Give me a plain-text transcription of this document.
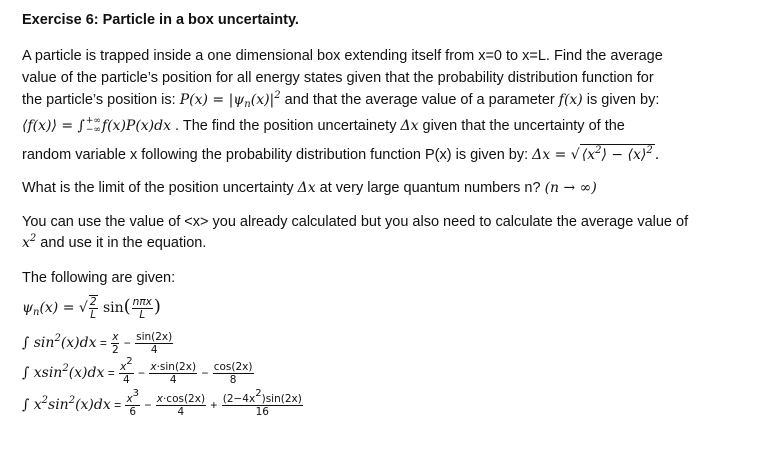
Exercise 6: Particle in a box uncertainty.
A particle is trapped inside a one dimensional box extending itself from x=0 to x=L. Find the average
value of the particle’s position for all energy states given that the probability distribution function for
the particle’s position is: $P(x) = |\psi_n(x)|^2$ and that the average value of a parameter f(x) is given by:
⟨f(x)⟩ = ∫ +∞
−∞ f(x)P(x)dx . The find the position uncertainety Δx given that the uncertainty of the
random variable x following the probability distribution function P(x) is given by: Δx = √ $⟨x^2⟩$ − ⟨x⟩$^2$ .
What is the limit of the position uncertainty Δx at very large quantum numbers n? (n → ∞)
You can use the value of <x> you already calculated but you also need to calculate the average value of
$x^2$ and use it in the equation.
The following are given:
$\psi_n(x)$ = √ $\frac{2}{L} \sin( \frac{\text{nπx}}{L}$ )
∫ $\sin^2(x)dx = \frac{x}{2} - \frac{\sin(2x)}{4}$
∫ $xsin^2(x)dx = \frac{x^2}{4} - \frac{x\cdot\sin(2x)}{4} - \frac{\cos(2x)}{8}$
∫ $x^2\sin^2(x)dx = \frac{x^3}{6} - \frac{x\cdot\cos(2x)}{4} + \frac{(2-4x^2)\sin(2x)}{16}$
